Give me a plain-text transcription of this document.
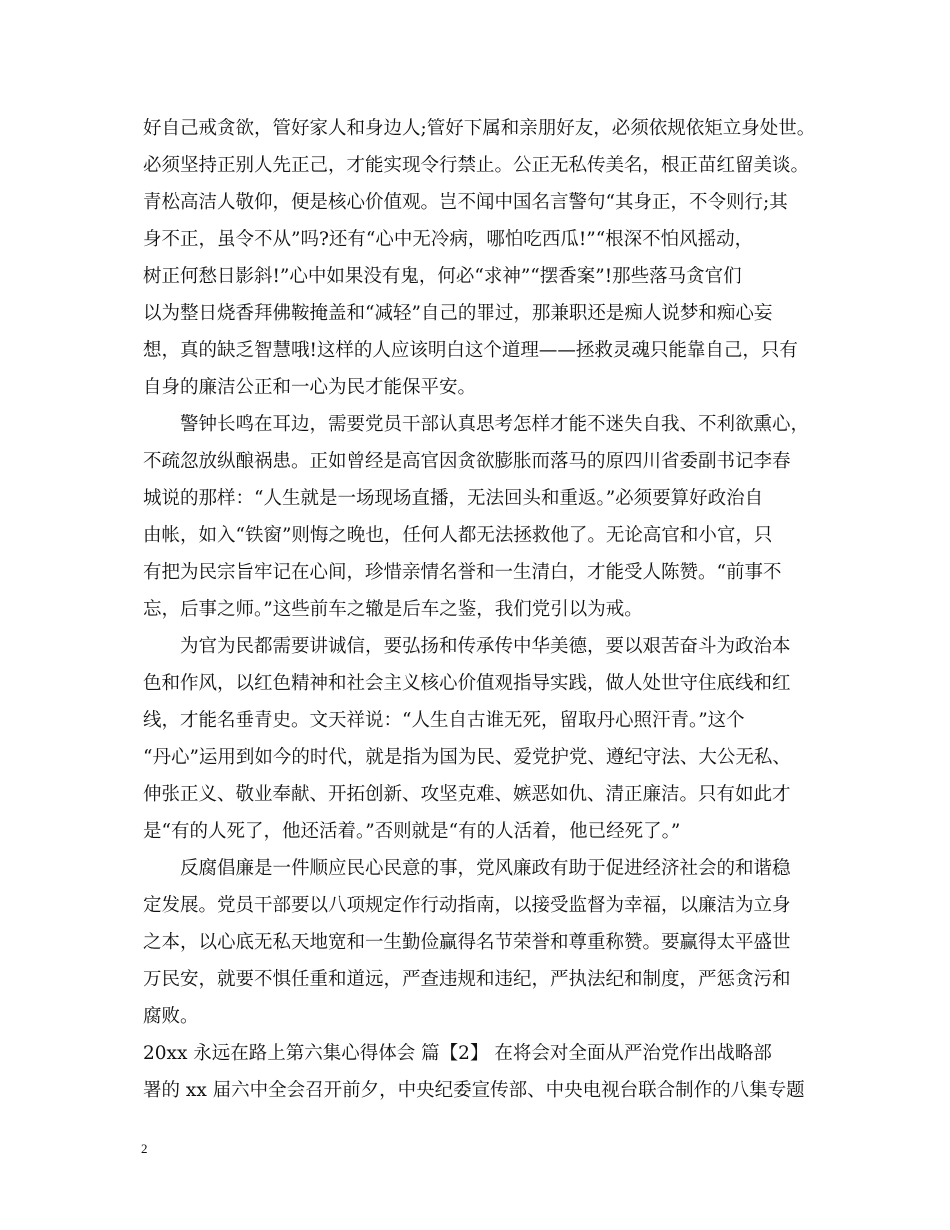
好自己戒贪欲，管好家人和身边人;管好下属和亲朋好友，必须依规依矩立身处世。
必须坚持正别人先正己，才能实现令行禁止。公正无私传美名，根正苗红留美谈。
青松高洁人敬仰，便是核心价值观。岂不闻中国名言警句“其身正，不令则行;其
身不正，虽令不从”吗?还有“心中无冷病，哪怕吃西瓜!”“根深不怕风摇动，
树正何愁日影斜!”心中如果没有鬼，何必“求神”“摆香案”!那些落马贪官们
以为整日烧香拜佛鞍掩盖和“减轻”自己的罪过，那兼职还是痴人说梦和痴心妄
想，真的缺乏智慧哦!这样的人应该明白这个道理——拯救灵魂只能靠自己，只有
自身的廉洁公正和一心为民才能保平安。
　　警钟长鸣在耳边，需要党员干部认真思考怎样才能不迷失自我、不利欲熏心，
不疏忽放纵酿祸患。正如曾经是高官因贪欲膨胀而落马的原四川省委副书记李春
城说的那样：“人生就是一场现场直播，无法回头和重返。”必须要算好政治自
由帐，如入“铁窗”则悔之晚也，任何人都无法拯救他了。无论高官和小官，只
有把为民宗旨牢记在心间，珍惜亲情名誉和一生清白，才能受人陈赞。“前事不
忘，后事之师。”这些前车之辙是后车之鉴，我们党引以为戒。
　　为官为民都需要讲诚信，要弘扬和传承传中华美德，要以艰苦奋斗为政治本
色和作风，以红色精神和社会主义核心价值观指导实践，做人处世守住底线和红
线，才能名垂青史。文天祥说：“人生自古谁无死，留取丹心照汗青。”这个
“丹心”运用到如今的时代，就是指为国为民、爱党护党、遵纪守法、大公无私、
伸张正义、敬业奉献、开拓创新、攻坚克难、嫉恶如仇、清正廉洁。只有如此才
是“有的人死了，他还活着。”否则就是“有的人活着，他已经死了。”
　　反腐倡廉是一件顺应民心民意的事，党风廉政有助于促进经济社会的和谐稳
定发展。党员干部要以八项规定作行动指南，以接受监督为幸福，以廉洁为立身
之本，以心底无私天地宽和一生勤俭赢得名节荣誉和尊重称赞。要赢得太平盛世
万民安，就要不惧任重和道远，严查违规和违纪，严执法纪和制度，严惩贪污和
腐败。
20xx 永远在路上第六集心得体会 篇【2】 在将会对全面从严治党作出战略部
署的 xx 届六中全会召开前夕，中央纪委宣传部、中央电视台联合制作的八集专题
2
